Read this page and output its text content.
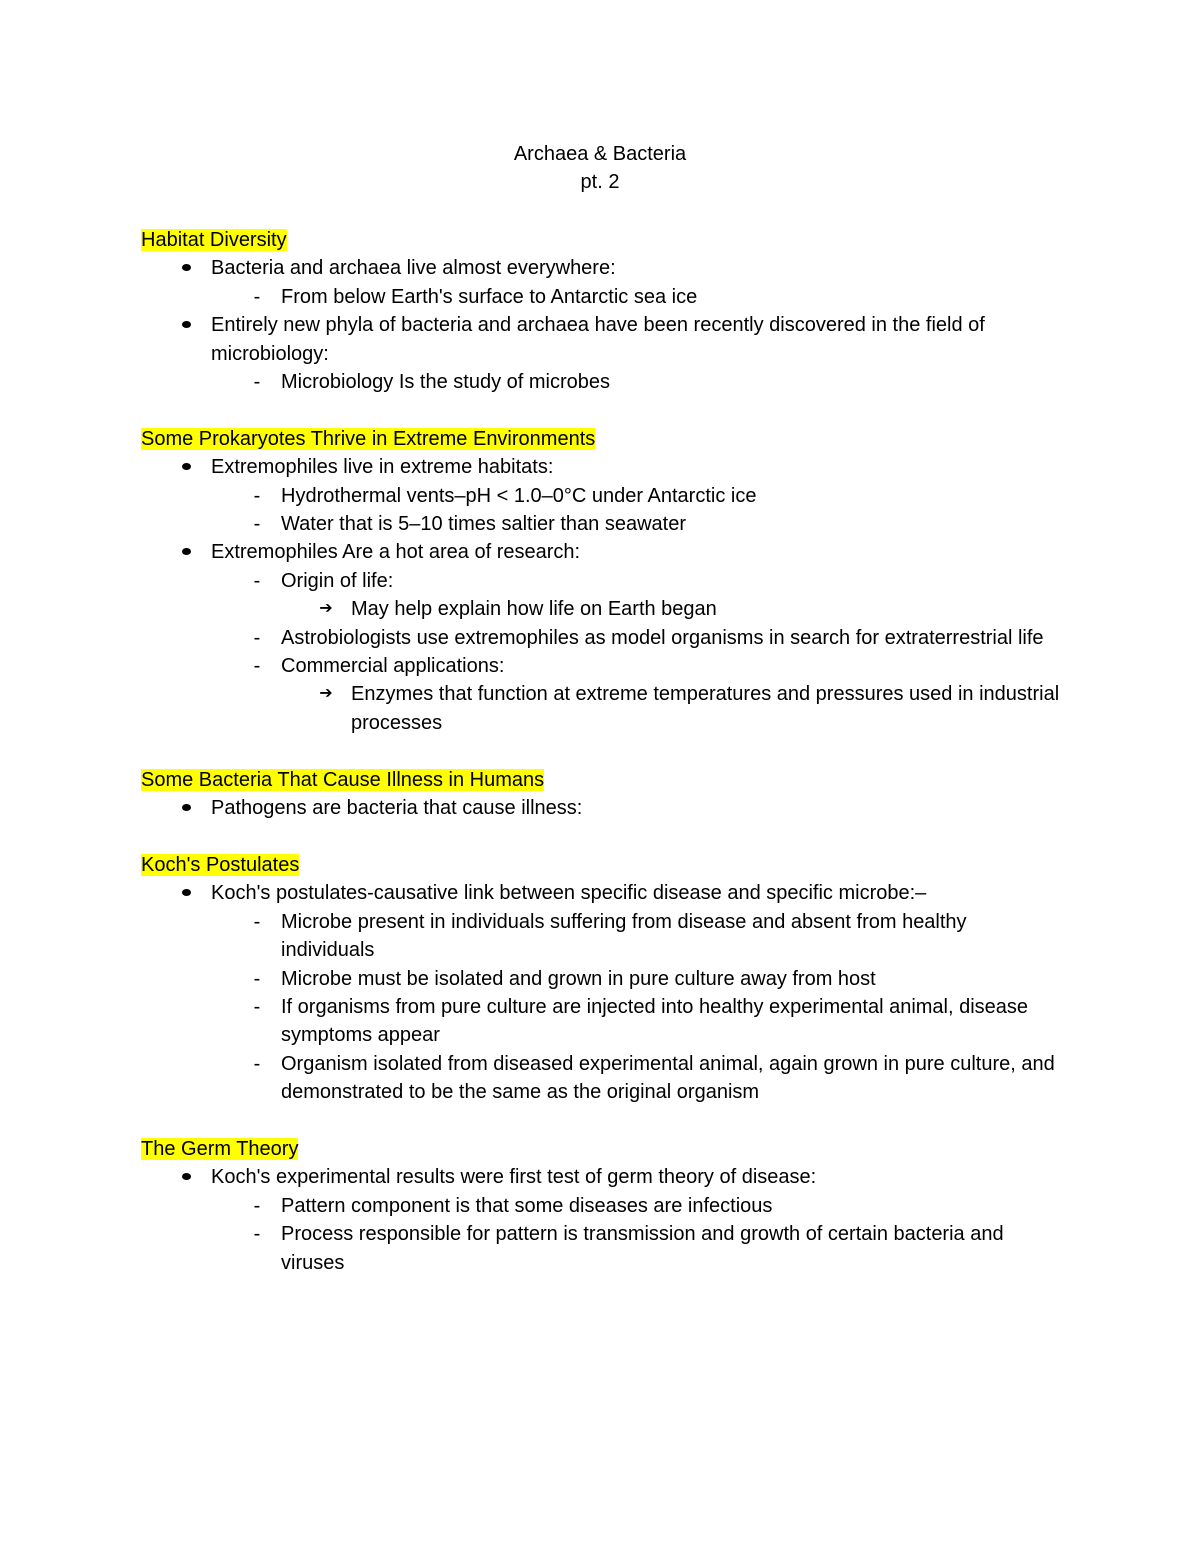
Archaea & Bacteria
pt. 2
Habitat Diversity
Bacteria and archaea live almost everywhere:
-	From below Earth's surface to Antarctic sea ice
Entirely new phyla of bacteria and archaea have been recently discovered in the field of microbiology:
-	Microbiology Is the study of microbes
Some Prokaryotes Thrive in Extreme Environments
Extremophiles live in extreme habitats:
-	Hydrothermal vents–pH < 1.0–0°C under Antarctic ice
-	Water that is 5–10 times saltier than seawater
Extremophiles Are a hot area of research:
-	Origin of life:
➔ May help explain how life on Earth began
-	Astrobiologists use extremophiles as model organisms in search for extraterrestrial life
-	Commercial applications:
➔ Enzymes that function at extreme temperatures and pressures used in industrial processes
Some Bacteria That Cause Illness in Humans
Pathogens are bacteria that cause illness:
Koch's Postulates
Koch's postulates-causative link between specific disease and specific microbe:–
-	Microbe present in individuals suffering from disease and absent from healthy individuals
-	Microbe must be isolated and grown in pure culture away from host
-	If organisms from pure culture are injected into healthy experimental animal, disease symptoms appear
-	Organism isolated from diseased experimental animal, again grown in pure culture, and demonstrated to be the same as the original organism
The Germ Theory
Koch's experimental results were first test of germ theory of disease:
-	Pattern component is that some diseases are infectious
-	Process responsible for pattern is transmission and growth of certain bacteria and viruses
